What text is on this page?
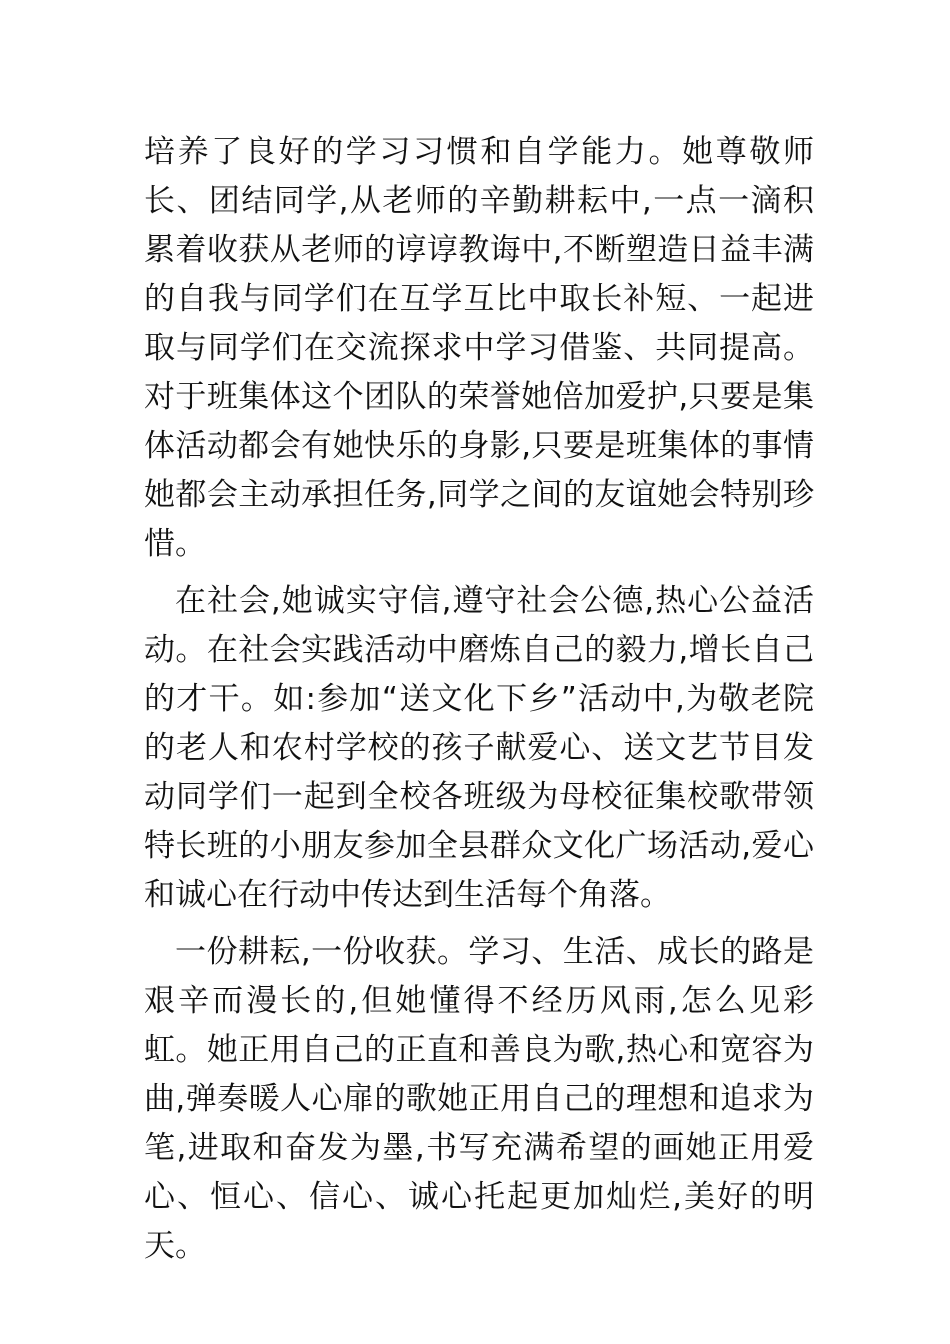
培养了良好的学习习惯和自学能力。她尊敬师长、团结同学,从老师的辛勤耕耘中,一点一滴积累着收获从老师的谆谆教诲中,不断塑造日益丰满的自我与同学们在互学互比中取长补短、一起进取与同学们在交流探求中学习借鉴、共同提高。对于班集体这个团队的荣誉她倍加爱护,只要是集体活动都会有她快乐的身影,只要是班集体的事情她都会主动承担任务,同学之间的友谊她会特别珍惜。

在社会,她诚实守信,遵守社会公德,热心公益活动。在社会实践活动中磨炼自己的毅力,增长自己的才干。如:参加“送文化下乡”活动中,为敬老院的老人和农村学校的孩子献爱心、送文艺节目发动同学们一起到全校各班级为母校征集校歌带领特长班的小朋友参加全县群众文化广场活动,爱心和诚心在行动中传达到生活每个角落。

一份耕耘,一份收获。学习、生活、成长的路是艰辛而漫长的,但她懂得不经历风雨,怎么见彩虹。她正用自己的正直和善良为歌,热心和宽容为曲,弹奏暖人心扉的歌她正用自己的理想和追求为笔,进取和奋发为墨,书写充满希望的画她正用爱心、恒心、信心、诚心托起更加灿烂,美好的明天。
